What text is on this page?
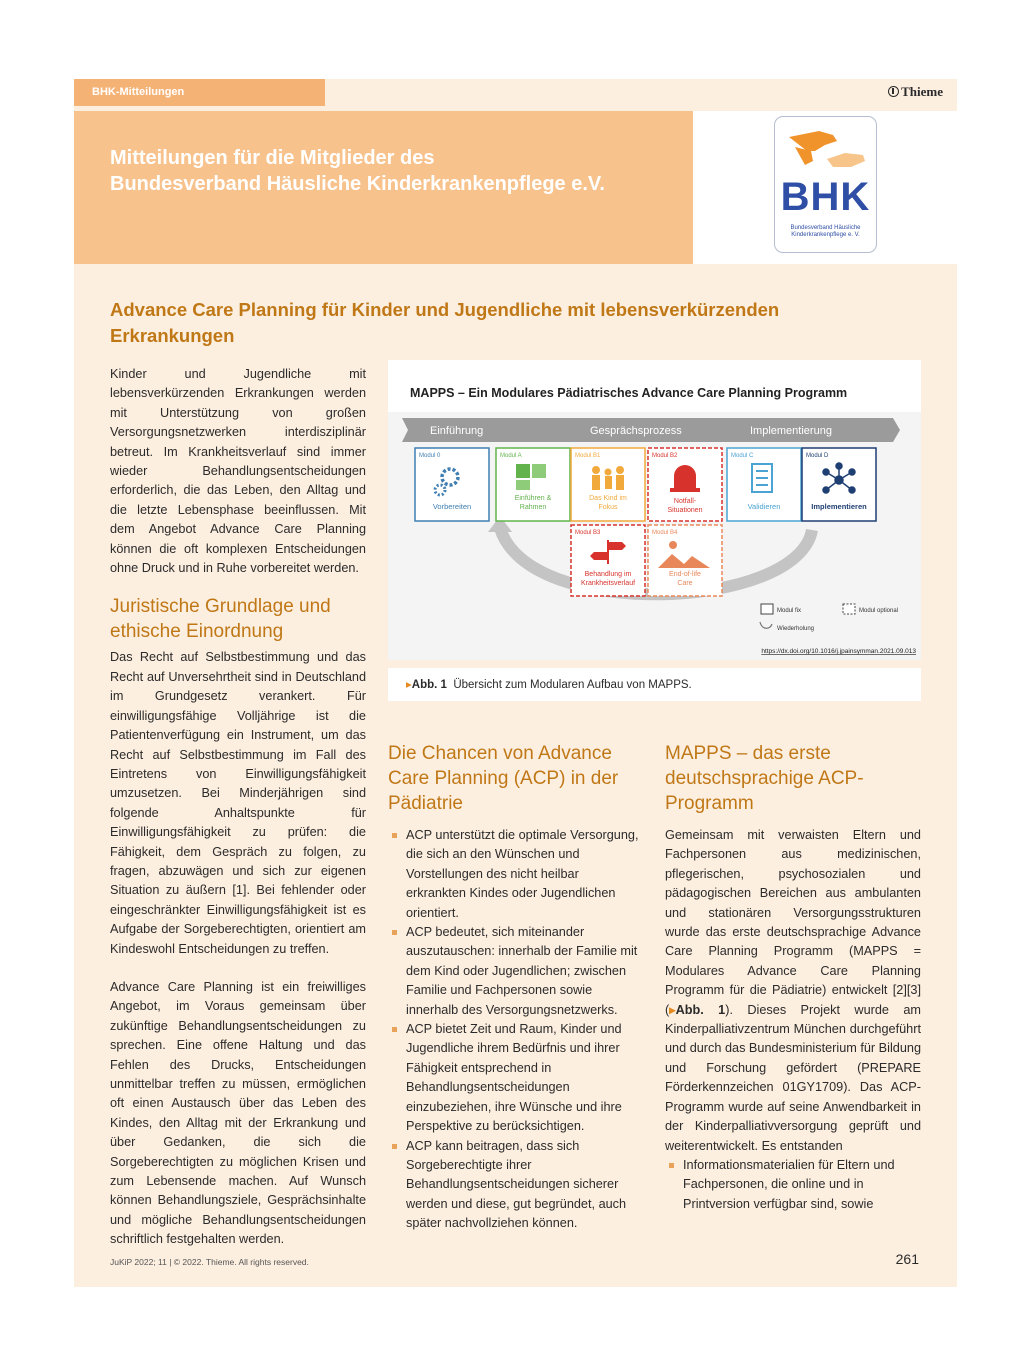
BHK-Mitteilungen	Thieme
Mitteilungen für die Mitglieder des
Bundesverband Häusliche Kinderkrankenpflege e.V.	BHK
Bundesverband Häusliche
Kinderkrankenpflege e. V.
Advance Care Planning für Kinder und Jugendliche mit lebensverkürzenden Erkrankungen

Kinder und Jugendliche mit lebensverkürzenden Erkrankungen werden mit Unterstützung von großen Versorgungsnetzwerken interdisziplinär betreut. Im Krankheitsverlauf sind immer wieder Behandlungsentscheidungen erforderlich, die das Leben, den Alltag und die letzte Lebensphase beeinflussen. Mit dem Angebot Advance Care Planning können die oft komplexen Entscheidungen ohne Druck und in Ruhe vorbereitet werden.

Juristische Grundlage und ethische Einordnung

Das Recht auf Selbstbestimmung und das Recht auf Unversehrtheit sind in Deutschland im Grundgesetz verankert. Für einwilligungsfähige Volljährige ist die Patientenverfügung ein Instrument, um das Recht auf Selbstbestimmung im Fall des Eintretens von Einwilligungsfähigkeit umzusetzen. Bei Minderjährigen sind folgende Anhaltspunkte für Einwilligungsfähigkeit zu prüfen: die Fähigkeit, dem Gespräch zu folgen, zu fragen, abzuwägen und sich zur eigenen Situation zu äußern [1]. Bei fehlender oder eingeschränkter Einwilligungsfähigkeit ist es Aufgabe der Sorgeberechtigten, orientiert am Kindeswohl Entscheidungen zu treffen.

Advance Care Planning ist ein freiwilliges Angebot, im Voraus gemeinsam über zukünftige Behandlungsentscheidungen zu sprechen. Eine offene Haltung und das Fehlen des Drucks, Entscheidungen unmittelbar treffen zu müssen, ermöglichen oft einen Austausch über das Leben des Kindes, den Alltag mit der Erkrankung und über Gedanken, die sich die Sorgeberechtigten zu möglichen Krisen und zum Lebensende machen. Auf Wunsch können Behandlungsziele, Gesprächsinhalte und mögliche Behandlungsentscheidungen schriftlich festgehalten werden.

MAPPS – Ein Modulares Pädiatrisches Advance Care Planning Programm
Einführung	Gesprächsprozess	Implementierung
Modul 0
Vorbereiten
Modul A
Einführen &
Rahmen
Modul B1
Das Kind im
Fokus
Modul B2
Notfall-
Situationen
Modul C
Validieren
Modul D
Implementieren
Modul B3
Behandlung im
Krankheitsverlauf
Modul B4
End-of-life
Care
Modul fix	Modul optional
Wiederholung
https://dx.doi.org/10.1016/j.jpainsymman.2021.09.013
▸Abb. 1 Übersicht zum Modularen Aufbau von MAPPS.
Die Chancen von Advance Care Planning (ACP) in der Pädiatrie
ACP unterstützt die optimale Versorgung, die sich an den Wünschen und Vorstellungen des nicht heilbar erkrankten Kindes oder Jugendlichen orientiert.
ACP bedeutet, sich miteinander auszutauschen: innerhalb der Familie mit dem Kind oder Jugendlichen; zwischen Familie und Fachpersonen sowie innerhalb des Versorgungsnetzwerks.
ACP bietet Zeit und Raum, Kinder und Jugendliche ihrem Bedürfnis und ihrer Fähigkeit entsprechend in Behandlungsentscheidungen einzubeziehen, ihre Wünsche und ihre Perspektive zu berücksichtigen.
ACP kann beitragen, dass sich Sorgeberechtigte ihrer Behandlungsentscheidungen sicherer werden und diese, gut begründet, auch später nachvollziehen können.
MAPPS – das erste deutschsprachige ACP-Programm

Gemeinsam mit verwaisten Eltern und Fachpersonen aus medizinischen, pflegerischen, psychosozialen und pädagogischen Bereichen aus ambulanten und stationären Versorgungsstrukturen wurde das erste deutschsprachige Advance Care Planning Programm (MAPPS = Modulares Advance Care Planning Programm für die Pädiatrie) entwickelt [2][3] (▸Abb. 1). Dieses Projekt wurde am Kinderpalliativzentrum München durchgeführt und durch das Bundesministerium für Bildung und Forschung gefördert (PREPARE Förderkennzeichen 01GY1709). Das ACP-Programm wurde auf seine Anwendbarkeit in der Kinderpalliativversorgung geprüft und weiterentwickelt. Es entstanden

Informationsmaterialien für Eltern und Fachpersonen, die online und in Printversion verfügbar sind, sowie
JuKiP 2022; 11 | © 2022. Thieme. All rights reserved.	261
